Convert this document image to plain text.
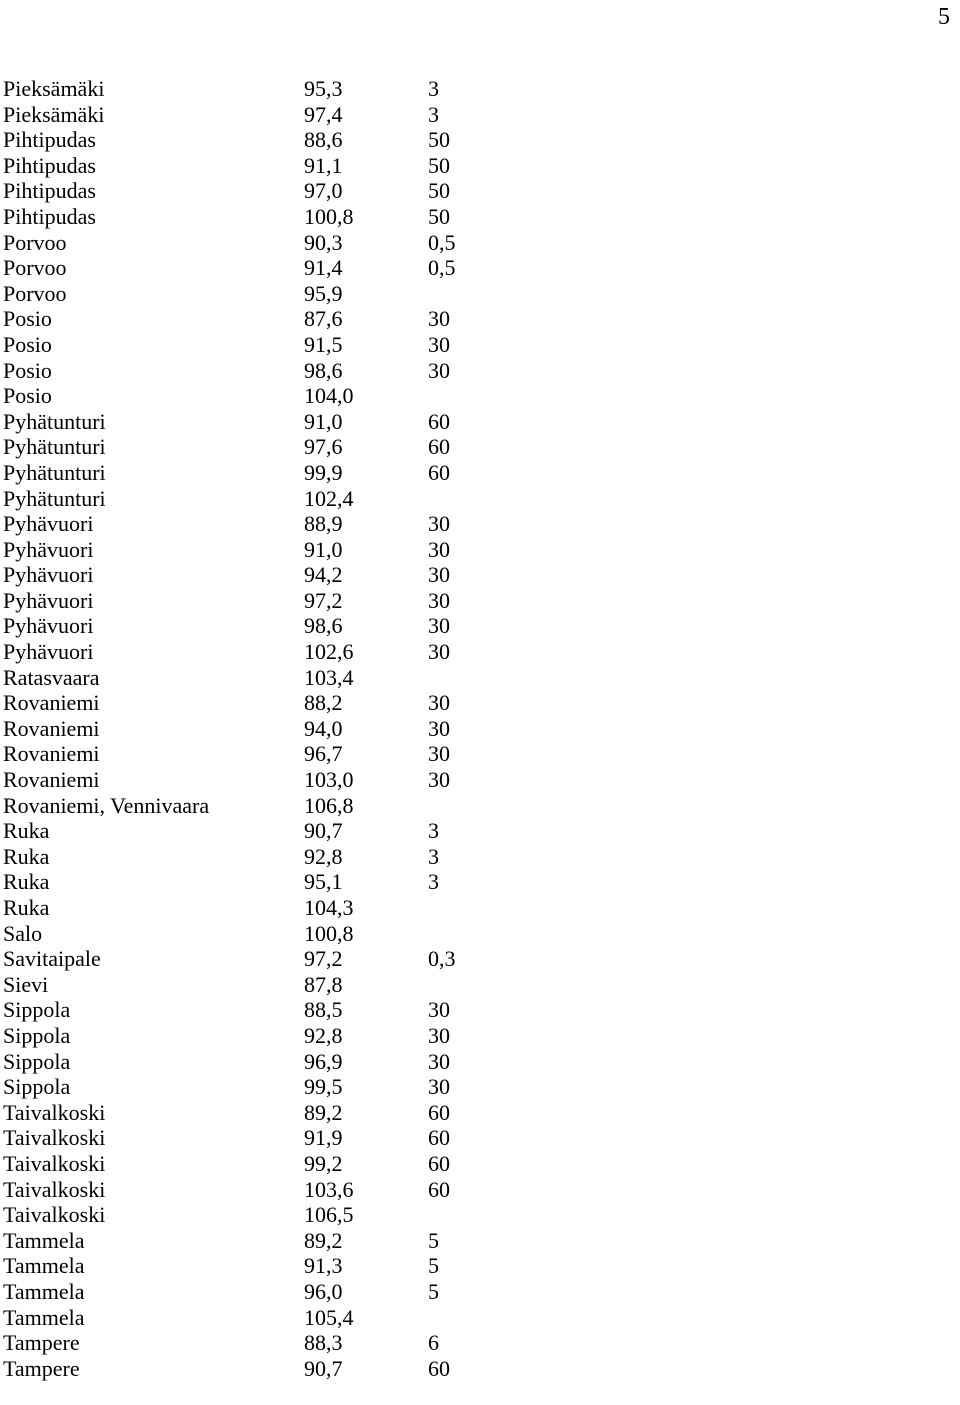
5
Pieksämäki	95,3	3
Pieksämäki	97,4	3
Pihtipudas	88,6	50
Pihtipudas	91,1	50
Pihtipudas	97,0	50
Pihtipudas	100,8	50
Porvoo	90,3	0,5
Porvoo	91,4	0,5
Porvoo	95,9
Posio	87,6	30
Posio	91,5	30
Posio	98,6	30
Posio	104,0
Pyhätunturi	91,0	60
Pyhätunturi	97,6	60
Pyhätunturi	99,9	60
Pyhätunturi	102,4
Pyhävuori	88,9	30
Pyhävuori	91,0	30
Pyhävuori	94,2	30
Pyhävuori	97,2	30
Pyhävuori	98,6	30
Pyhävuori	102,6	30
Ratasvaara	103,4
Rovaniemi	88,2	30
Rovaniemi	94,0	30
Rovaniemi	96,7	30
Rovaniemi	103,0	30
Rovaniemi, Vennivaara	106,8
Ruka	90,7	3
Ruka	92,8	3
Ruka	95,1	3
Ruka	104,3
Salo	100,8
Savitaipale	97,2	0,3
Sievi	87,8
Sippola	88,5	30
Sippola	92,8	30
Sippola	96,9	30
Sippola	99,5	30
Taivalkoski	89,2	60
Taivalkoski	91,9	60
Taivalkoski	99,2	60
Taivalkoski	103,6	60
Taivalkoski	106,5
Tammela	89,2	5
Tammela	91,3	5
Tammela	96,0	5
Tammela	105,4
Tampere	88,3	6
Tampere	90,7	60
